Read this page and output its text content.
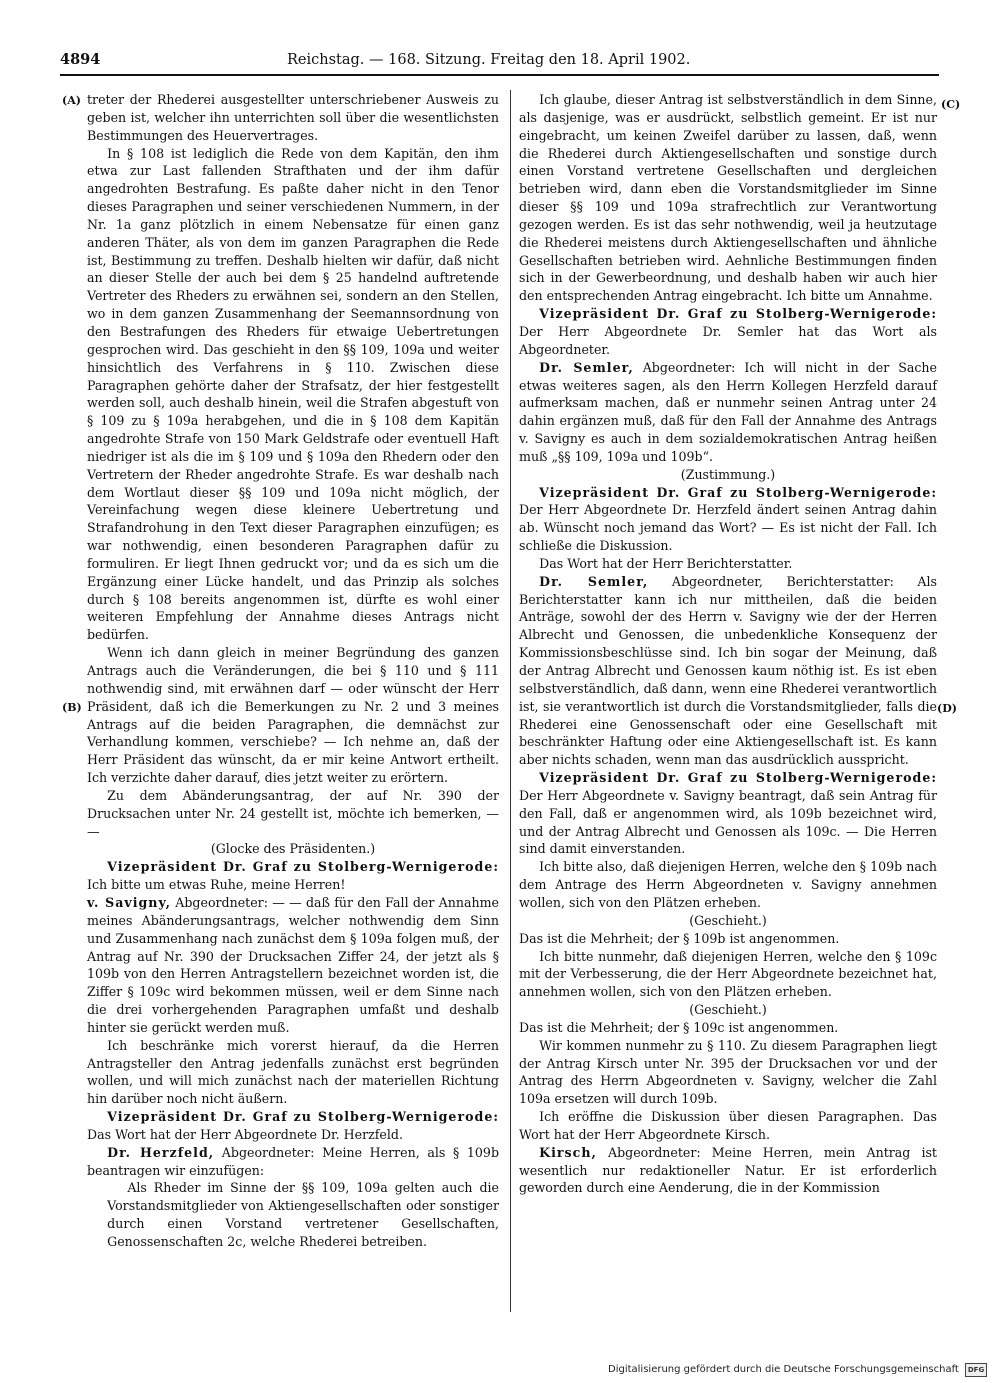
4894	Reichstag. — 168. Sitzung. Freitag den 18. April 1902.
(A)
(B)
(C)
(D)

treter der Rhederei ausgestellter unterschriebener Ausweis zu geben ist, welcher ihn unterrichten soll über die wesentlichsten Bestimmungen des Heuervertrages.

In § 108 ist lediglich die Rede von dem Kapitän, den ihm etwa zur Last fallenden Strafthaten und der ihm dafür angedrohten Bestrafung. Es paßte daher nicht in den Tenor dieses Paragraphen und seiner verschiedenen Nummern, in der Nr. 1a ganz plötzlich in einem Nebensatze für einen ganz anderen Thäter, als von dem im ganzen Paragraphen die Rede ist, Bestimmung zu treffen. Deshalb hielten wir dafür, daß nicht an dieser Stelle der auch bei dem § 25 handelnd auftretende Vertreter des Rheders zu erwähnen sei, sondern an den Stellen, wo in dem ganzen Zusammenhang der Seemannsordnung von den Bestrafungen des Rheders für etwaige Uebertretungen gesprochen wird. Das geschieht in den §§ 109, 109a und weiter hinsichtlich des Verfahrens in § 110. Zwischen diese Paragraphen gehörte daher der Strafsatz, der hier festgestellt werden soll, auch deshalb hinein, weil die Strafen abgestuft von § 109 zu § 109a herabgehen, und die in § 108 dem Kapitän angedrohte Strafe von 150 Mark Geldstrafe oder eventuell Haft niedriger ist als die im § 109 und § 109a den Rhedern oder den Vertretern der Rheder angedrohte Strafe. Es war deshalb nach dem Wortlaut dieser §§ 109 und 109a nicht möglich, der Vereinfachung wegen diese kleinere Uebertretung und Strafandrohung in den Text dieser Paragraphen einzufügen; es war nothwendig, einen besonderen Paragraphen dafür zu formuliren. Er liegt Ihnen gedruckt vor; und da es sich um die Ergänzung einer Lücke handelt, und das Prinzip als solches durch § 108 bereits angenommen ist, dürfte es wohl einer weiteren Empfehlung der Annahme dieses Antrags nicht bedürfen.

Wenn ich dann gleich in meiner Begründung des ganzen Antrags auch die Veränderungen, die bei § 110 und § 111 nothwendig sind, mit erwähnen darf — oder wünscht der Herr Präsident, daß ich die Bemerkungen zu Nr. 2 und 3 meines Antrags auf die beiden Paragraphen, die demnächst zur Verhandlung kommen, verschiebe? — Ich nehme an, daß der Herr Präsident das wünscht, da er mir keine Antwort ertheilt. Ich verzichte daher darauf, dies jetzt weiter zu erörtern.

Zu dem Abänderungsantrag, der auf Nr. 390 der Drucksachen unter Nr. 24 gestellt ist, möchte ich bemerken, — —

(Glocke des Präsidenten.)

Vizepräsident Dr. Graf zu Stolberg-Wernigerode: Ich bitte um etwas Ruhe, meine Herren!

v. Savigny, Abgeordneter: — — daß für den Fall der Annahme meines Abänderungsantrags, welcher nothwendig dem Sinn und Zusammenhang nach zunächst dem § 109a folgen muß, der Antrag auf Nr. 390 der Drucksachen Ziffer 24, der jetzt als § 109b von den Herren Antragstellern bezeichnet worden ist, die Ziffer § 109c wird bekommen müssen, weil er dem Sinne nach die drei vorhergehenden Paragraphen umfaßt und deshalb hinter sie gerückt werden muß.

Ich beschränke mich vorerst hierauf, da die Herren Antragsteller den Antrag jedenfalls zunächst erst begründen wollen, und will mich zunächst nach der materiellen Richtung hin darüber noch nicht äußern.

Vizepräsident Dr. Graf zu Stolberg-Wernigerode: Das Wort hat der Herr Abgeordnete Dr. Herzfeld.

Dr. Herzfeld, Abgeordneter: Meine Herren, als § 109b beantragen wir einzufügen:

Als Rheder im Sinne der §§ 109, 109a gelten auch die Vorstandsmitglieder von Aktiengesellschaften oder sonstiger durch einen Vorstand vertretener Gesellschaften, Genossenschaften 2c, welche Rhederei betreiben.

Ich glaube, dieser Antrag ist selbstverständlich in dem Sinne, als dasjenige, was er ausdrückt, selbstlich gemeint. Er ist nur eingebracht, um keinen Zweifel darüber zu lassen, daß, wenn die Rhederei durch Aktiengesellschaften und sonstige durch einen Vorstand vertretene Gesellschaften und dergleichen betrieben wird, dann eben die Vorstandsmitglieder im Sinne dieser §§ 109 und 109a strafrechtlich zur Verantwortung gezogen werden. Es ist das sehr nothwendig, weil ja heutzutage die Rhederei meistens durch Aktiengesellschaften und ähnliche Gesellschaften betrieben wird. Aehnliche Bestimmungen finden sich in der Gewerbeordnung, und deshalb haben wir auch hier den entsprechenden Antrag eingebracht. Ich bitte um Annahme.

Vizepräsident Dr. Graf zu Stolberg-Wernigerode: Der Herr Abgeordnete Dr. Semler hat das Wort als Abgeordneter.

Dr. Semler, Abgeordneter: Ich will nicht in der Sache etwas weiteres sagen, als den Herrn Kollegen Herzfeld darauf aufmerksam machen, daß er nunmehr seinen Antrag unter 24 dahin ergänzen muß, daß für den Fall der Annahme des Antrags v. Savigny es auch in dem sozialdemokratischen Antrag heißen muß „§§ 109, 109a und 109b“.

(Zustimmung.)

Vizepräsident Dr. Graf zu Stolberg-Wernigerode: Der Herr Abgeordnete Dr. Herzfeld ändert seinen Antrag dahin ab. Wünscht noch jemand das Wort? — Es ist nicht der Fall. Ich schließe die Diskussion.

Das Wort hat der Herr Berichterstatter.

Dr. Semler, Abgeordneter, Berichterstatter: Als Berichterstatter kann ich nur mittheilen, daß die beiden Anträge, sowohl der des Herrn v. Savigny wie der der Herren Albrecht und Genossen, die unbedenkliche Konsequenz der Kommissionsbeschlüsse sind. Ich bin sogar der Meinung, daß der Antrag Albrecht und Genossen kaum nöthig ist. Es ist eben selbstverständlich, daß dann, wenn eine Rhederei verantwortlich ist, sie verantwortlich ist durch die Vorstandsmitglieder, falls die Rhederei eine Genossenschaft oder eine Gesellschaft mit beschränkter Haftung oder eine Aktiengesellschaft ist. Es kann aber nichts schaden, wenn man das ausdrücklich ausspricht.

Vizepräsident Dr. Graf zu Stolberg-Wernigerode: Der Herr Abgeordnete v. Savigny beantragt, daß sein Antrag für den Fall, daß er angenommen wird, als 109b bezeichnet wird, und der Antrag Albrecht und Genossen als 109c. — Die Herren sind damit einverstanden.

Ich bitte also, daß diejenigen Herren, welche den § 109b nach dem Antrage des Herrn Abgeordneten v. Savigny annehmen wollen, sich von den Plätzen erheben.

(Geschieht.)

Das ist die Mehrheit; der § 109b ist angenommen.

Ich bitte nunmehr, daß diejenigen Herren, welche den § 109c mit der Verbesserung, die der Herr Abgeordnete bezeichnet hat, annehmen wollen, sich von den Plätzen erheben.

(Geschieht.)

Das ist die Mehrheit; der § 109c ist angenommen.

Wir kommen nunmehr zu § 110. Zu diesem Paragraphen liegt der Antrag Kirsch unter Nr. 395 der Drucksachen vor und der Antrag des Herrn Abgeordneten v. Savigny, welcher die Zahl 109a ersetzen will durch 109b.

Ich eröffne die Diskussion über diesen Paragraphen. Das Wort hat der Herr Abgeordnete Kirsch.

Kirsch, Abgeordneter: Meine Herren, mein Antrag ist wesentlich nur redaktioneller Natur. Er ist erforderlich geworden durch eine Aenderung, die in der Kommission

Digitalisierung gefördert durch die Deutsche Forschungsgemeinschaft DFG
